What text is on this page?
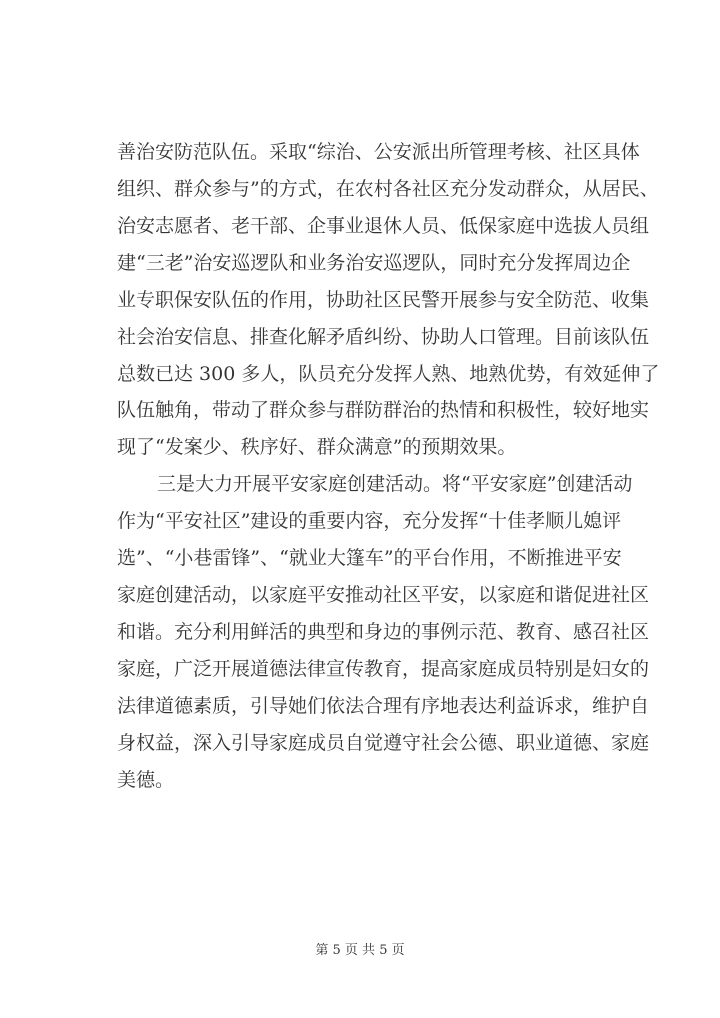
善治安防范队伍。采取“综治、公安派出所管理考核、社区具体
组织、群众参与”的方式，在农村各社区充分发动群众，从居民、
治安志愿者、老干部、企事业退休人员、低保家庭中选拔人员组
建“三老”治安巡逻队和业务治安巡逻队，同时充分发挥周边企
业专职保安队伍的作用，协助社区民警开展参与安全防范、收集
社会治安信息、排查化解矛盾纠纷、协助人口管理。目前该队伍
总数已达 300 多人，队员充分发挥人熟、地熟优势，有效延伸了
队伍触角，带动了群众参与群防群治的热情和积极性，较好地实
现了“发案少、秩序好、群众满意”的预期效果。
三是大力开展平安家庭创建活动。将“平安家庭”创建活动
作为“平安社区”建设的重要内容，充分发挥“十佳孝顺儿媳评
选”、“小巷雷锋”、“就业大篷车”的平台作用，不断推进平安
家庭创建活动，以家庭平安推动社区平安，以家庭和谐促进社区
和谐。充分利用鲜活的典型和身边的事例示范、教育、感召社区
家庭，广泛开展道德法律宣传教育，提高家庭成员特别是妇女的
法律道德素质，引导她们依法合理有序地表达利益诉求，维护自
身权益，深入引导家庭成员自觉遵守社会公德、职业道德、家庭
美德。
第 5 页 共 5 页
